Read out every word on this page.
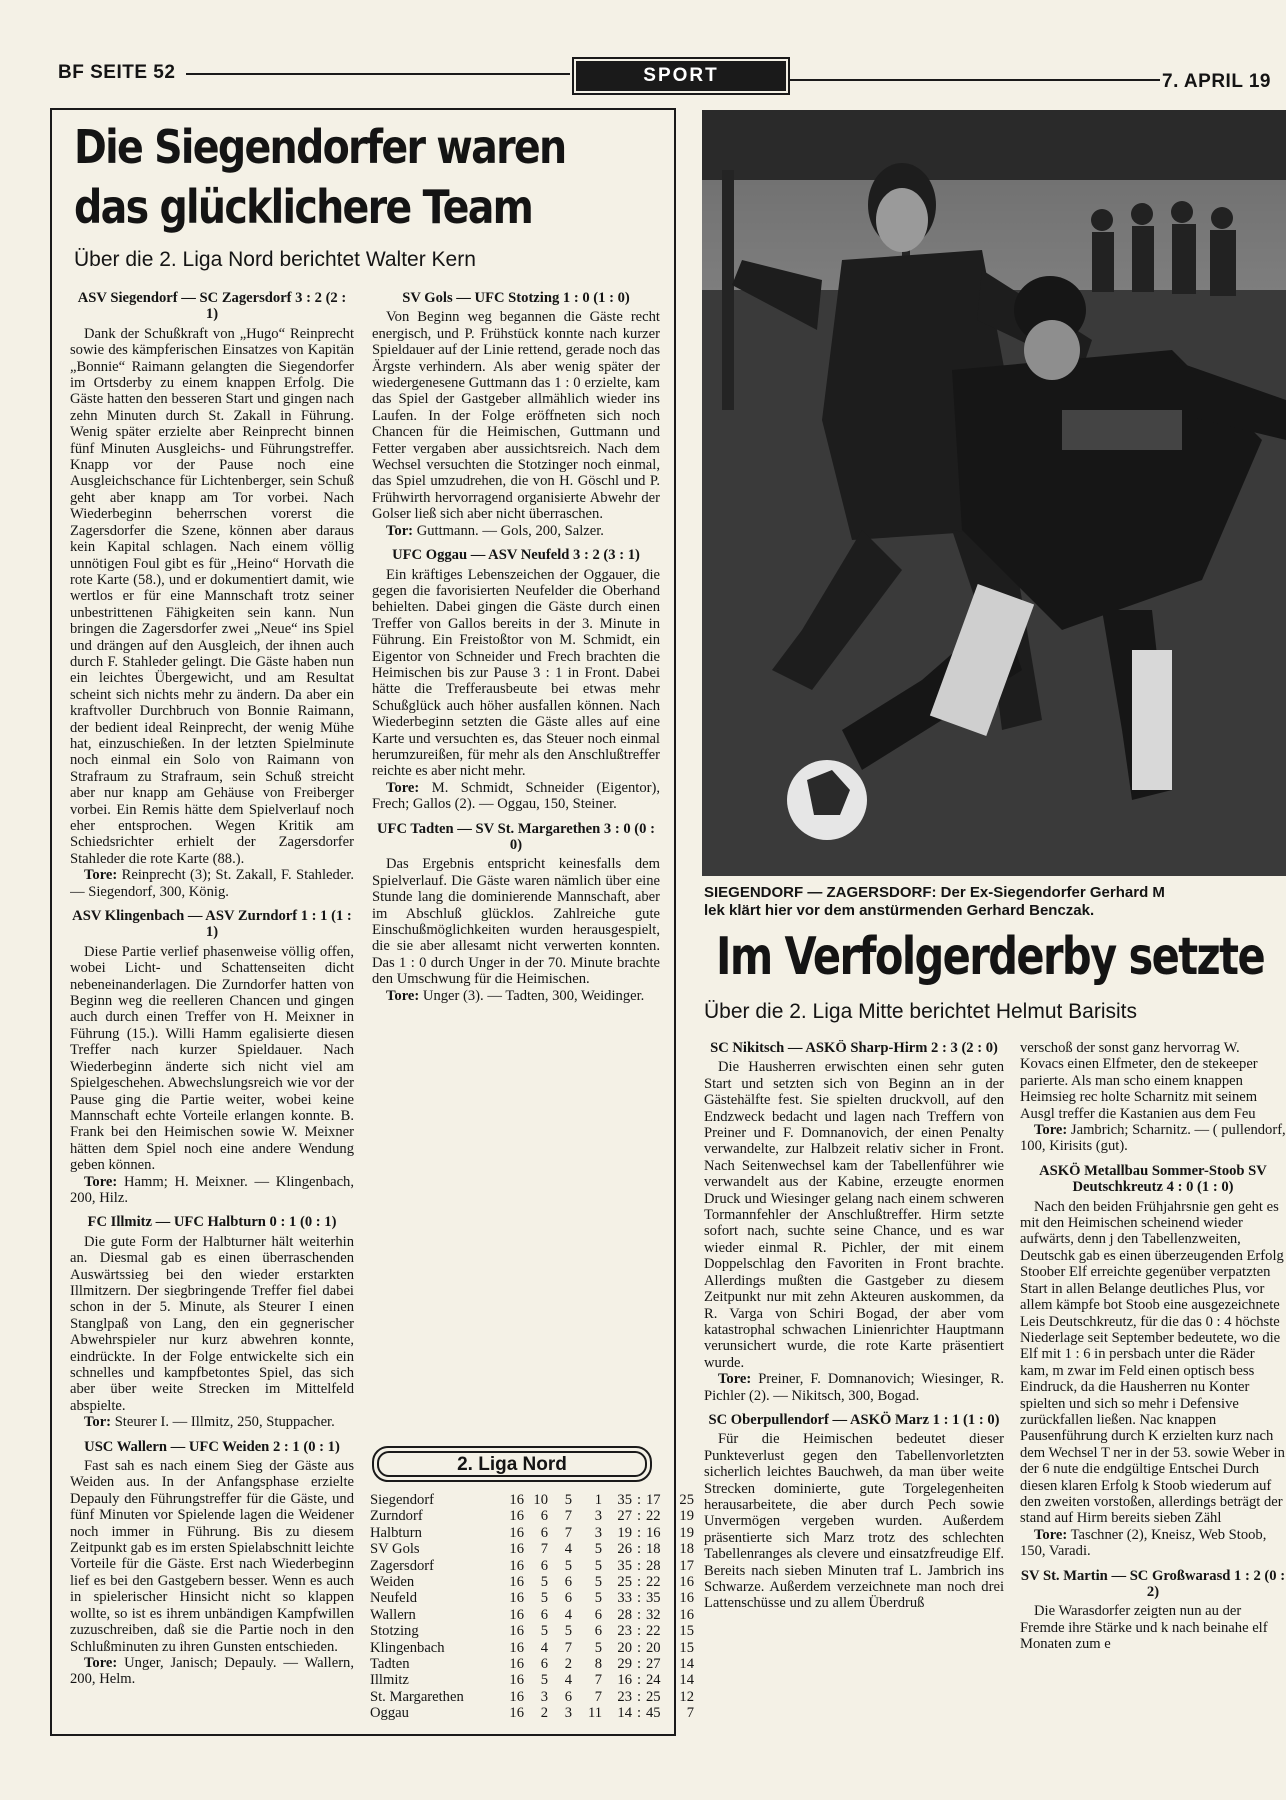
BF SEITE 52	SPORT	7. APRIL 19
Die Siegendorfer waren
das glücklichere Team
Über die 2. Liga Nord berichtet Walter Kern
ASV Siegendorf — SC Zagersdorf 3 : 2 (2 : 1)

Dank der Schußkraft von „Hugo“ Reinprecht sowie des kämpferischen Einsatzes von Kapitän „Bonnie“ Raimann gelangten die Siegendorfer im Ortsderby zu einem knappen Erfolg. Die Gäste hatten den besseren Start und gingen nach zehn Minuten durch St. Zakall in Führung. Wenig später erzielte aber Reinprecht binnen fünf Minuten Ausgleichs- und Führungstreffer. Knapp vor der Pause noch eine Ausgleichschance für Lichtenberger, sein Schuß geht aber knapp am Tor vorbei. Nach Wiederbeginn beherrschen vorerst die Zagersdorfer die Szene, können aber daraus kein Kapital schlagen. Nach einem völlig unnötigen Foul gibt es für „Heino“ Horvath die rote Karte (58.), und er dokumentiert damit, wie wertlos er für eine Mannschaft trotz seiner unbestrittenen Fähigkeiten sein kann. Nun bringen die Zagersdorfer zwei „Neue“ ins Spiel und drängen auf den Ausgleich, der ihnen auch durch F. Stahleder gelingt. Die Gäste haben nun ein leichtes Übergewicht, und am Resultat scheint sich nichts mehr zu ändern. Da aber ein kraftvoller Durchbruch von Bonnie Raimann, der bedient ideal Reinprecht, der wenig Mühe hat, einzuschießen. In der letzten Spielminute noch einmal ein Solo von Raimann von Strafraum zu Strafraum, sein Schuß streicht aber nur knapp am Gehäuse von Freiberger vorbei. Ein Remis hätte dem Spielverlauf noch eher entsprochen. Wegen Kritik am Schiedsrichter erhielt der Zagersdorfer Stahleder die rote Karte (88.).

Tore: Reinprecht (3); St. Zakall, F. Stahleder. — Siegendorf, 300, König.

ASV Klingenbach — ASV Zurndorf 1 : 1 (1 : 1)

Diese Partie verlief phasenweise völlig offen, wobei Licht- und Schattenseiten dicht nebeneinanderlagen. Die Zurndorfer hatten von Beginn weg die reelleren Chancen und gingen auch durch einen Treffer von H. Meixner in Führung (15.). Willi Hamm egalisierte diesen Treffer nach kurzer Spieldauer. Nach Wiederbeginn änderte sich nicht viel am Spielgeschehen. Abwechslungsreich wie vor der Pause ging die Partie weiter, wobei keine Mannschaft echte Vorteile erlangen konnte. B. Frank bei den Heimischen sowie W. Meixner hätten dem Spiel noch eine andere Wendung geben können.

Tore: Hamm; H. Meixner. — Klingenbach, 200, Hilz.

FC Illmitz — UFC Halbturn 0 : 1 (0 : 1)

Die gute Form der Halbturner hält weiterhin an. Diesmal gab es einen überraschenden Auswärtssieg bei den wieder erstarkten Illmitzern. Der siegbringende Treffer fiel dabei schon in der 5. Minute, als Steurer I einen Stanglpaß von Lang, den ein gegnerischer Abwehrspieler nur kurz abwehren konnte, eindrückte. In der Folge entwickelte sich ein schnelles und kampfbetontes Spiel, das sich aber über weite Strecken im Mittelfeld abspielte.

Tor: Steurer I. — Illmitz, 250, Stuppacher.

USC Wallern — UFC Weiden 2 : 1 (0 : 1)

Fast sah es nach einem Sieg der Gäste aus Weiden aus. In der Anfangsphase erzielte Depauly den Führungstreffer für die Gäste, und fünf Minuten vor Spielende lagen die Weidener noch immer in Führung. Bis zu diesem Zeitpunkt gab es im ersten Spielabschnitt leichte Vorteile für die Gäste. Erst nach Wiederbeginn lief es bei den Gastgebern besser. Wenn es auch in spielerischer Hinsicht nicht so klappen wollte, so ist es ihrem unbändigen Kampfwillen zuzuschreiben, daß sie die Partie noch in den Schlußminuten zu ihren Gunsten entschieden.

Tore: Unger, Janisch; Depauly. — Wallern, 200, Helm.

SV Gols — UFC Stotzing 1 : 0 (1 : 0)

Von Beginn weg begannen die Gäste recht energisch, und P. Frühstück konnte nach kurzer Spieldauer auf der Linie rettend, gerade noch das Ärgste verhindern. Als aber wenig später der wiedergenesene Guttmann das 1 : 0 erzielte, kam das Spiel der Gastgeber allmählich wieder ins Laufen. In der Folge eröffneten sich noch Chancen für die Heimischen, Guttmann und Fetter vergaben aber aussichtsreich. Nach dem Wechsel versuchten die Stotzinger noch einmal, das Spiel umzudrehen, die von H. Göschl und P. Frühwirth hervorragend organisierte Abwehr der Golser ließ sich aber nicht überraschen.

Tor: Guttmann. — Gols, 200, Salzer.

UFC Oggau — ASV Neufeld 3 : 2 (3 : 1)

Ein kräftiges Lebenszeichen der Oggauer, die gegen die favorisierten Neufelder die Oberhand behielten. Dabei gingen die Gäste durch einen Treffer von Gallos bereits in der 3. Minute in Führung. Ein Freistoßtor von M. Schmidt, ein Eigentor von Schneider und Frech brachten die Heimischen bis zur Pause 3 : 1 in Front. Dabei hätte die Trefferausbeute bei etwas mehr Schußglück auch höher ausfallen können. Nach Wiederbeginn setzten die Gäste alles auf eine Karte und versuchten es, das Steuer noch einmal herumzureißen, für mehr als den Anschlußtreffer reichte es aber nicht mehr.

Tore: M. Schmidt, Schneider (Eigentor), Frech; Gallos (2). — Oggau, 150, Steiner.

UFC Tadten — SV St. Margarethen 3 : 0 (0 : 0)

Das Ergebnis entspricht keinesfalls dem Spielverlauf. Die Gäste waren nämlich über eine Stunde lang die dominierende Mannschaft, aber im Abschluß glücklos. Zahlreiche gute Einschußmöglichkeiten wurden herausgespielt, die sie aber allesamt nicht verwerten konnten. Das 1 : 0 durch Unger in der 70. Minute brachte den Umschwung für die Heimischen.

Tore: Unger (3). — Tadten, 300, Weidinger.

2. Liga Nord
Siegendorf	16	10	5	1	35	:	17	25
Zurndorf	16	6	7	3	27	:	22	19
Halbturn	16	6	7	3	19	:	16	19
SV Gols	16	7	4	5	26	:	18	18
Zagersdorf	16	6	5	5	35	:	28	17
Weiden	16	5	6	5	25	:	22	16
Neufeld	16	5	6	5	33	:	35	16
Wallern	16	6	4	6	28	:	32	16
Stotzing	16	5	5	6	23	:	22	15
Klingenbach	16	4	7	5	20	:	20	15
Tadten	16	6	2	8	29	:	27	14
Illmitz	16	5	4	7	16	:	24	14
St. Margarethen	16	3	6	7	23	:	25	12
Oggau	16	2	3	11	14	:	45	7
SIEGENDORF — ZAGERSDORF: Der Ex-Siegendorfer Gerhard M
lek klärt hier vor dem anstürmenden Gerhard Benczak.
Im Verfolgerderby setzte
Über die 2. Liga Mitte berichtet Helmut Barisits
SC Nikitsch — ASKÖ Sharp-Hirm 2 : 3 (2 : 0)

Die Hausherren erwischten einen sehr guten Start und setzten sich von Beginn an in der Gästehälfte fest. Sie spielten druckvoll, auf den Endzweck bedacht und lagen nach Treffern von Preiner und F. Domnanovich, der einen Penalty verwandelte, zur Halbzeit relativ sicher in Front. Nach Seitenwechsel kam der Tabellenführer wie verwandelt aus der Kabine, erzeugte enormen Druck und Wiesinger gelang nach einem schweren Tormannfehler der Anschlußtreffer. Hirm setzte sofort nach, suchte seine Chance, und es war wieder einmal R. Pichler, der mit einem Doppelschlag den Favoriten in Front brachte. Allerdings mußten die Gastgeber zu diesem Zeitpunkt nur mit zehn Akteuren auskommen, da R. Varga von Schiri Bogad, der aber vom katastrophal schwachen Linienrichter Hauptmann verunsichert wurde, die rote Karte präsentiert wurde.

Tore: Preiner, F. Domnanovich; Wiesinger, R. Pichler (2). — Nikitsch, 300, Bogad.

SC Oberpullendorf — ASKÖ Marz 1 : 1 (1 : 0)

Für die Heimischen bedeutet dieser Punkteverlust gegen den Tabellenvorletzten sicherlich leichtes Bauchweh, da man über weite Strecken dominierte, gute Torgelegenheiten herausarbeitete, die aber durch Pech sowie Unvermögen vergeben wurden. Außerdem präsentierte sich Marz trotz des schlechten Tabellenranges als clevere und einsatzfreudige Elf. Bereits nach sieben Minuten traf L. Jambrich ins Schwarze. Außerdem verzeichnete man noch drei Lattenschüsse und zu allem Überdruß

verschoß der sonst ganz hervorrag W. Kovacs einen Elfmeter, den de stekeeper parierte. Als man scho einem knappen Heimsieg rec holte Scharnitz mit seinem Ausgl treffer die Kastanien aus dem Feu

Tore: Jambrich; Scharnitz. — ( pullendorf, 100, Kirisits (gut).

ASKÖ Metallbau Sommer-Stoob SV Deutschkreutz 4 : 0 (1 : 0)

Nach den beiden Frühjahrsnie gen geht es mit den Heimischen scheinend wieder aufwärts, denn j den Tabellenzweiten, Deutschk gab es einen überzeugenden Erfolg Stoober Elf erreichte gegenüber verpatzten Start in allen Belange deutliches Plus, vor allem kämpfe bot Stoob eine ausgezeichnete Leis Deutschkreutz, für die das 0 : 4 höchste Niederlage seit September bedeutete, wo die Elf mit 1 : 6 in persbach unter die Räder kam, m zwar im Feld einen optisch bess Eindruck, da die Hausherren nu Konter spielten und sich so mehr i Defensive zurückfallen ließen. Nac knappen Pausenführung durch K erzielten kurz nach dem Wechsel T ner in der 53. sowie Weber in der 6 nute die endgültige Entschei Durch diesen klaren Erfolg k Stoob wiederum auf den zweiten vorstoßen, allerdings beträgt der stand auf Hirm bereits sieben Zähl

Tore: Taschner (2), Kneisz, Web Stoob, 150, Varadi.

SV St. Martin — SC Großwarasd 1 : 2 (0 : 2)

Die Warasdorfer zeigten nun au der Fremde ihre Stärke und k nach beinahe elf Monaten zum e
